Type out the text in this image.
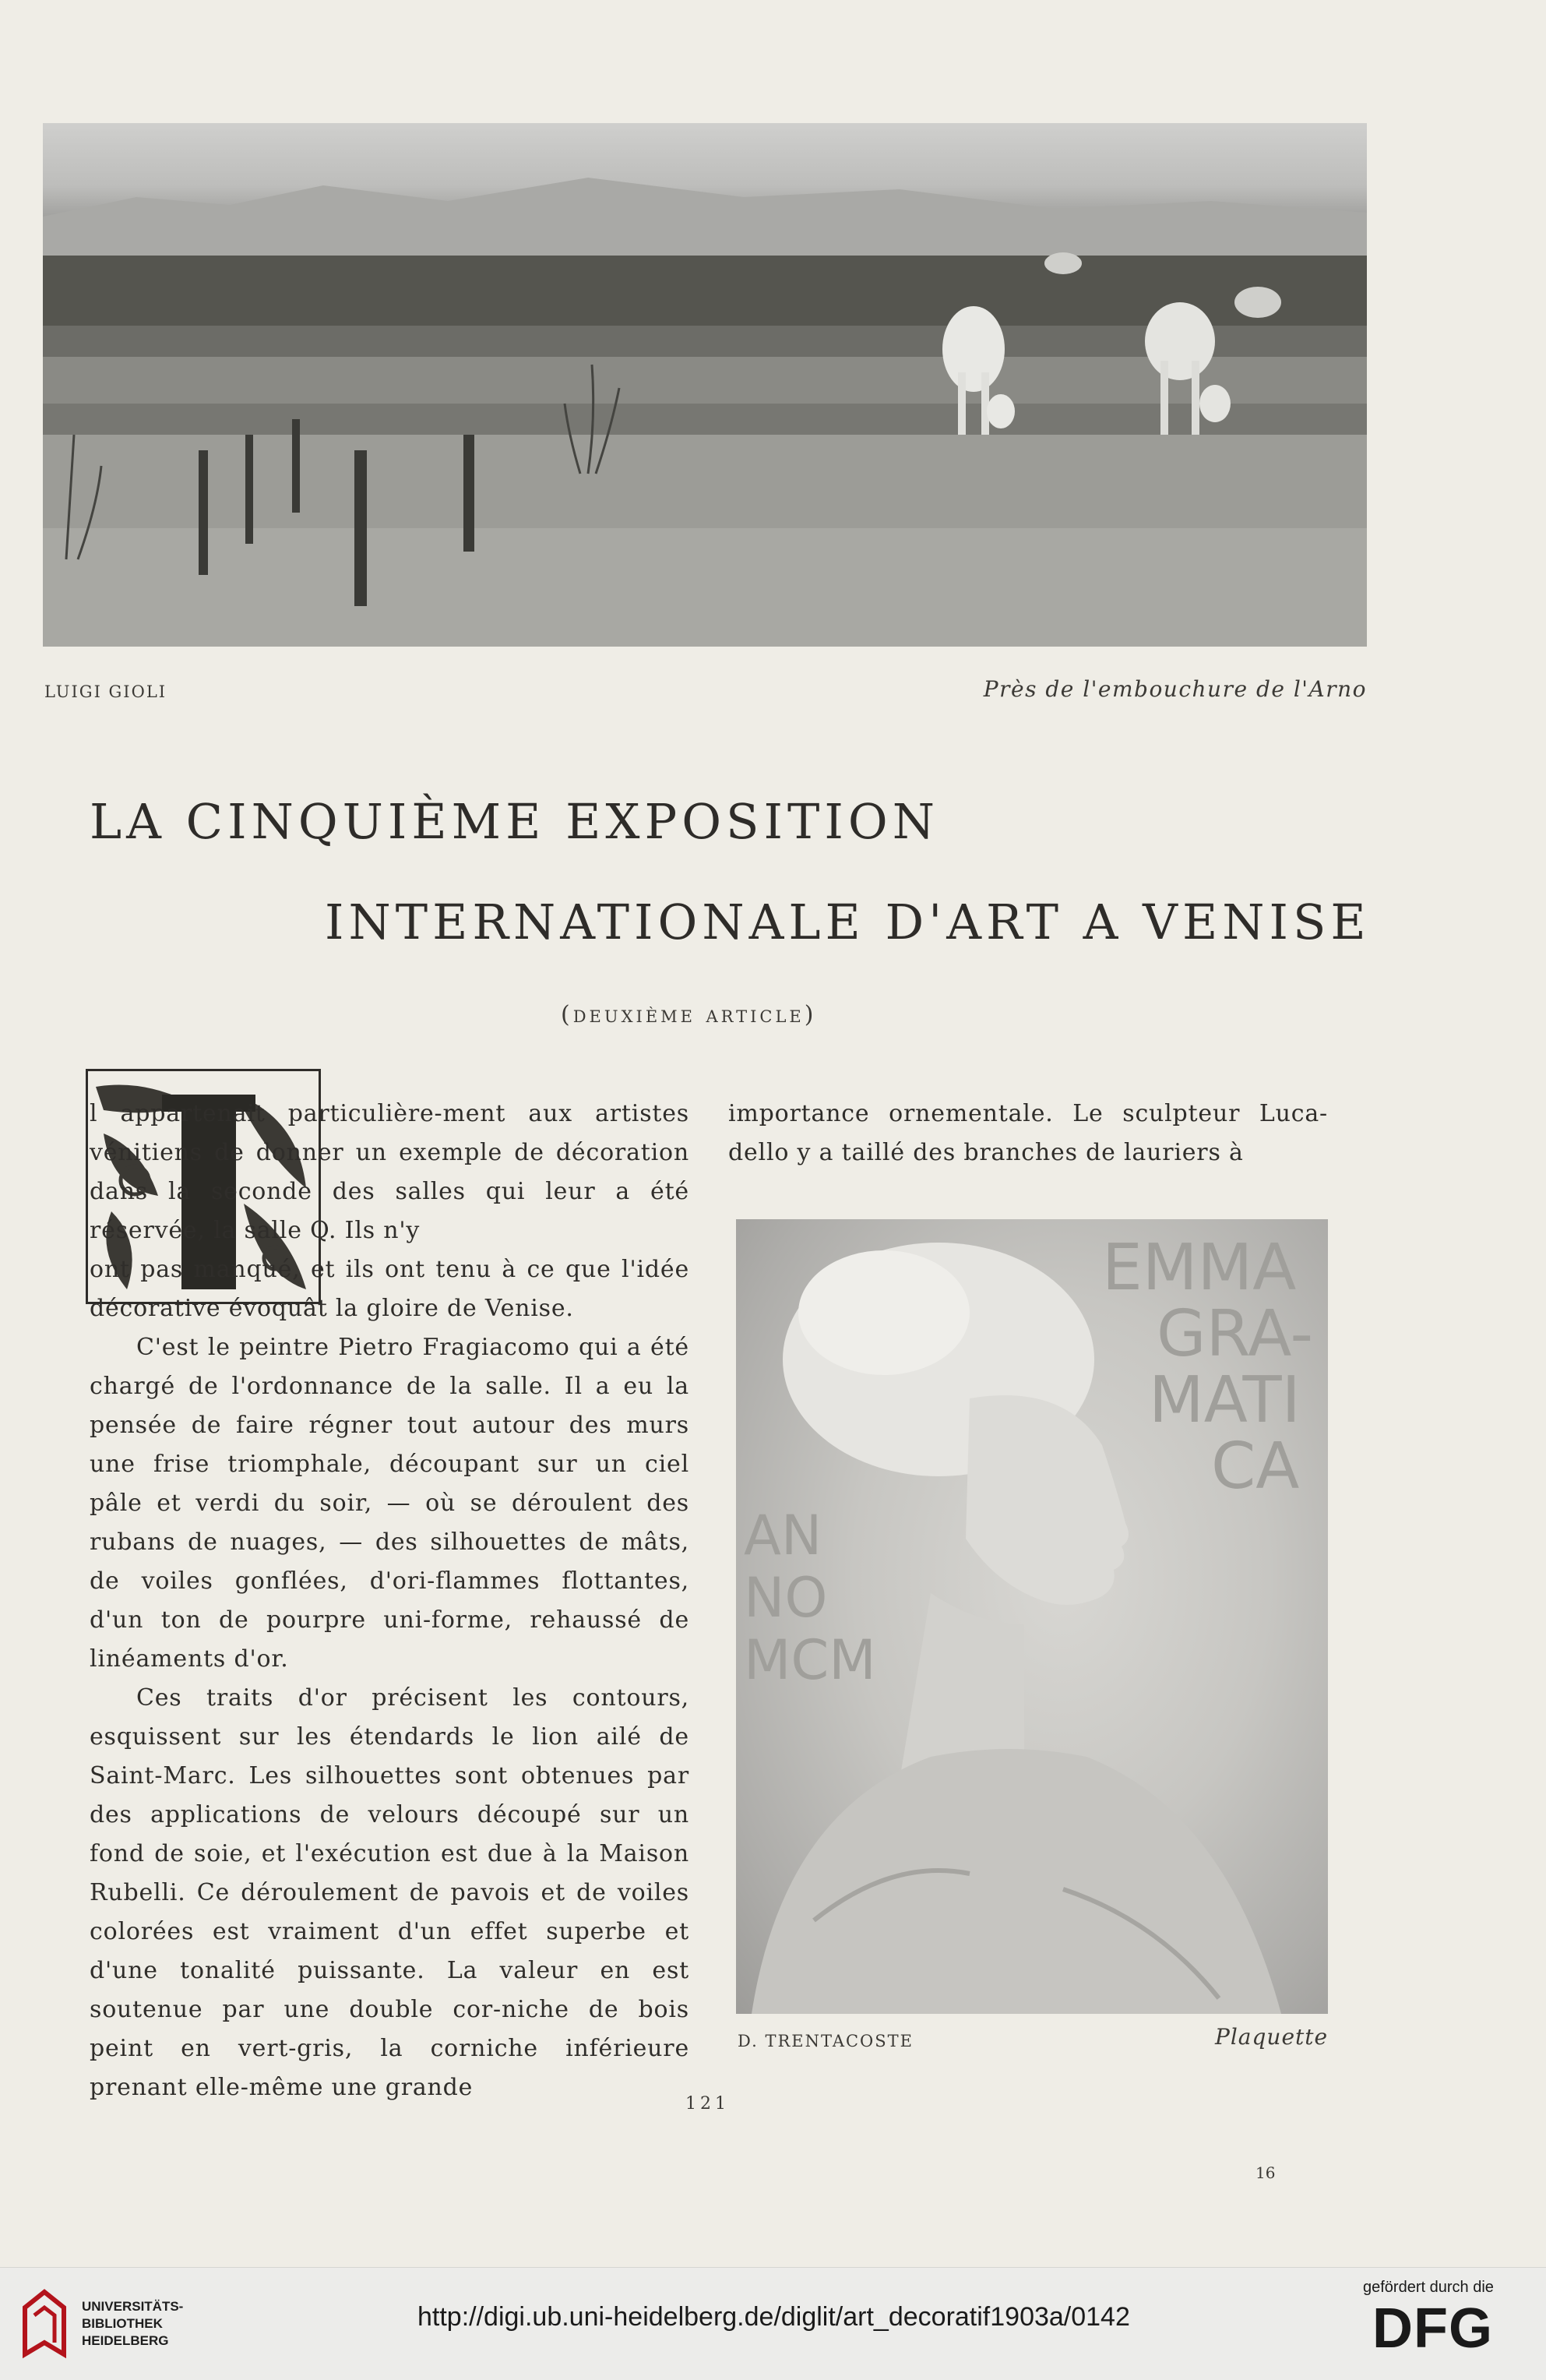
LUIGI GIOLI	Près de l'embouchure de l'Arno
LA CINQUIÈME EXPOSITION
INTERNATIONALE D'ART A VENISE
(deuxième article)

l appartenait particulière-ment aux artistes vénitiens de donner un exemple de décoration dans la seconde des salles qui leur a été réservée, la salle Q. Ils n'y

ont pas manqué, et ils ont tenu à ce que l'idée décorative évoquât la gloire de Venise.

C'est le peintre Pietro Fragiacomo qui a été chargé de l'ordonnance de la salle. Il a eu la pensée de faire régner tout autour des murs une frise triomphale, découpant sur un ciel pâle et verdi du soir, — où se déroulent des rubans de nuages, — des silhouettes de mâts, de voiles gonflées, d'ori-flammes flottantes, d'un ton de pourpre uni-forme, rehaussé de linéaments d'or.

Ces traits d'or précisent les contours, esquissent sur les étendards le lion ailé de Saint-Marc. Les silhouettes sont obtenues par des applications de velours découpé sur un fond de soie, et l'exécution est due à la Maison Rubelli. Ce déroulement de pavois et de voiles colorées est vraiment d'un effet superbe et d'une tonalité puissante. La valeur en est soutenue par une double cor-niche de bois peint en vert-gris, la corniche inférieure prenant elle-même une grande

importance ornementale. Le sculpteur Luca-dello y a taillé des branches de lauriers à

EMMA
GRA-
MATI
CA
AN
NO
MCM
D. TRENTACOSTE	Plaquette
121
16
UNIVERSITÄTS-
BIBLIOTHEK
HEIDELBERG
http://digi.ub.uni-heidelberg.de/diglit/art_decoratif1903a/0142
gefördert durch die
DFG
